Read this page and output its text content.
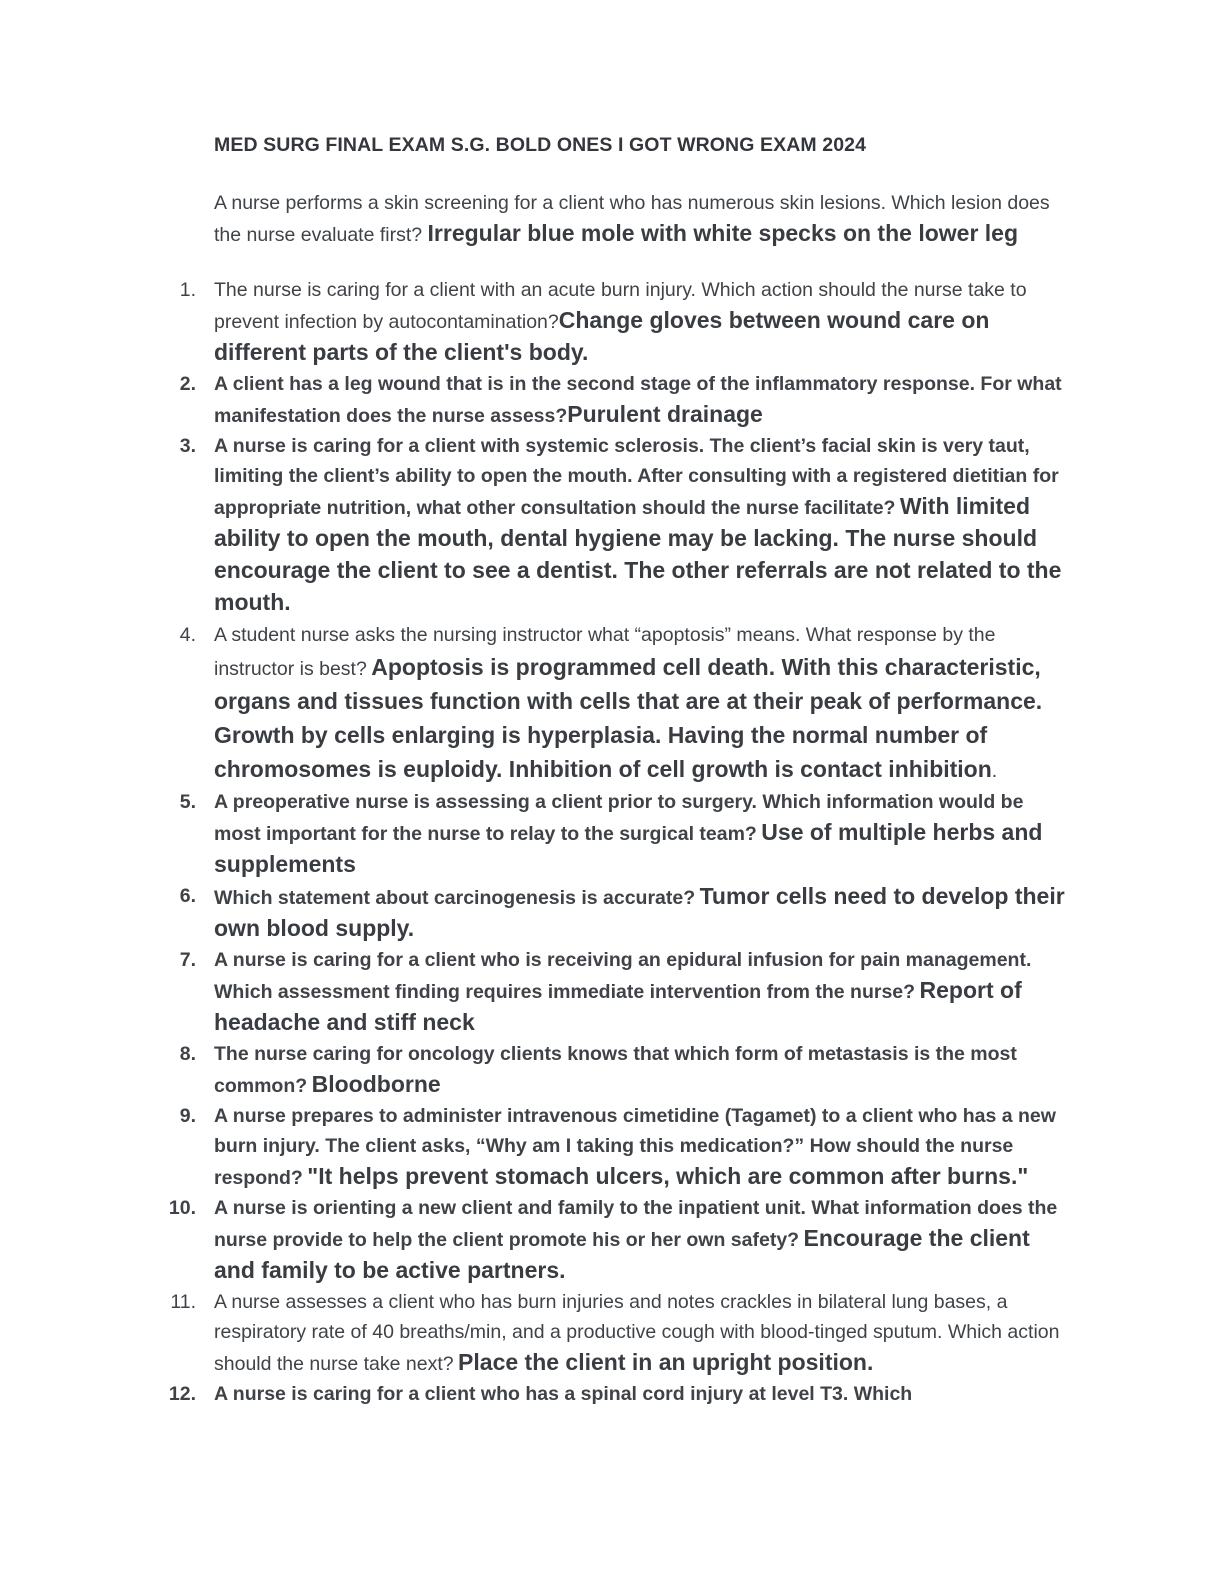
MED SURG FINAL EXAM S.G. BOLD ONES I GOT WRONG EXAM 2024
A nurse performs a skin screening for a client who has numerous skin lesions. Which lesion does the nurse evaluate first? Irregular blue mole with white specks on the lower leg
1. The nurse is caring for a client with an acute burn injury. Which action should the nurse take to prevent infection by autocontamination?Change gloves between wound care on different parts of the client's body.
2. A client has a leg wound that is in the second stage of the inflammatory response. For what manifestation does the nurse assess?Purulent drainage
3. A nurse is caring for a client with systemic sclerosis. The client’s facial skin is very taut, limiting the client’s ability to open the mouth. After consulting with a registered dietitian for appropriate nutrition, what other consultation should the nurse facilitate? With limited ability to open the mouth, dental hygiene may be lacking. The nurse should encourage the client to see a dentist. The other referrals are not related to the mouth.
4. A student nurse asks the nursing instructor what “apoptosis” means. What response by the instructor is best? Apoptosis is programmed cell death. With this characteristic, organs and tissues function with cells that are at their peak of performance. Growth by cells enlarging is hyperplasia. Having the normal number of chromosomes is euploidy. Inhibition of cell growth is contact inhibition.
5. A preoperative nurse is assessing a client prior to surgery. Which information would be most important for the nurse to relay to the surgical team? Use of multiple herbs and supplements
6. Which statement about carcinogenesis is accurate? Tumor cells need to develop their own blood supply.
7. A nurse is caring for a client who is receiving an epidural infusion for pain management. Which assessment finding requires immediate intervention from the nurse? Report of headache and stiff neck
8. The nurse caring for oncology clients knows that which form of metastasis is the most common? Bloodborne
9. A nurse prepares to administer intravenous cimetidine (Tagamet) to a client who has a new burn injury. The client asks, “Why am I taking this medication?” How should the nurse respond? "It helps prevent stomach ulcers, which are common after burns."
10. A nurse is orienting a new client and family to the inpatient unit. What information does the nurse provide to help the client promote his or her own safety? Encourage the client and family to be active partners.
11. A nurse assesses a client who has burn injuries and notes crackles in bilateral lung bases, a respiratory rate of 40 breaths/min, and a productive cough with blood-tinged sputum. Which action should the nurse take next? Place the client in an upright position.
12. A nurse is caring for a client who has a spinal cord injury at level T3. Which
